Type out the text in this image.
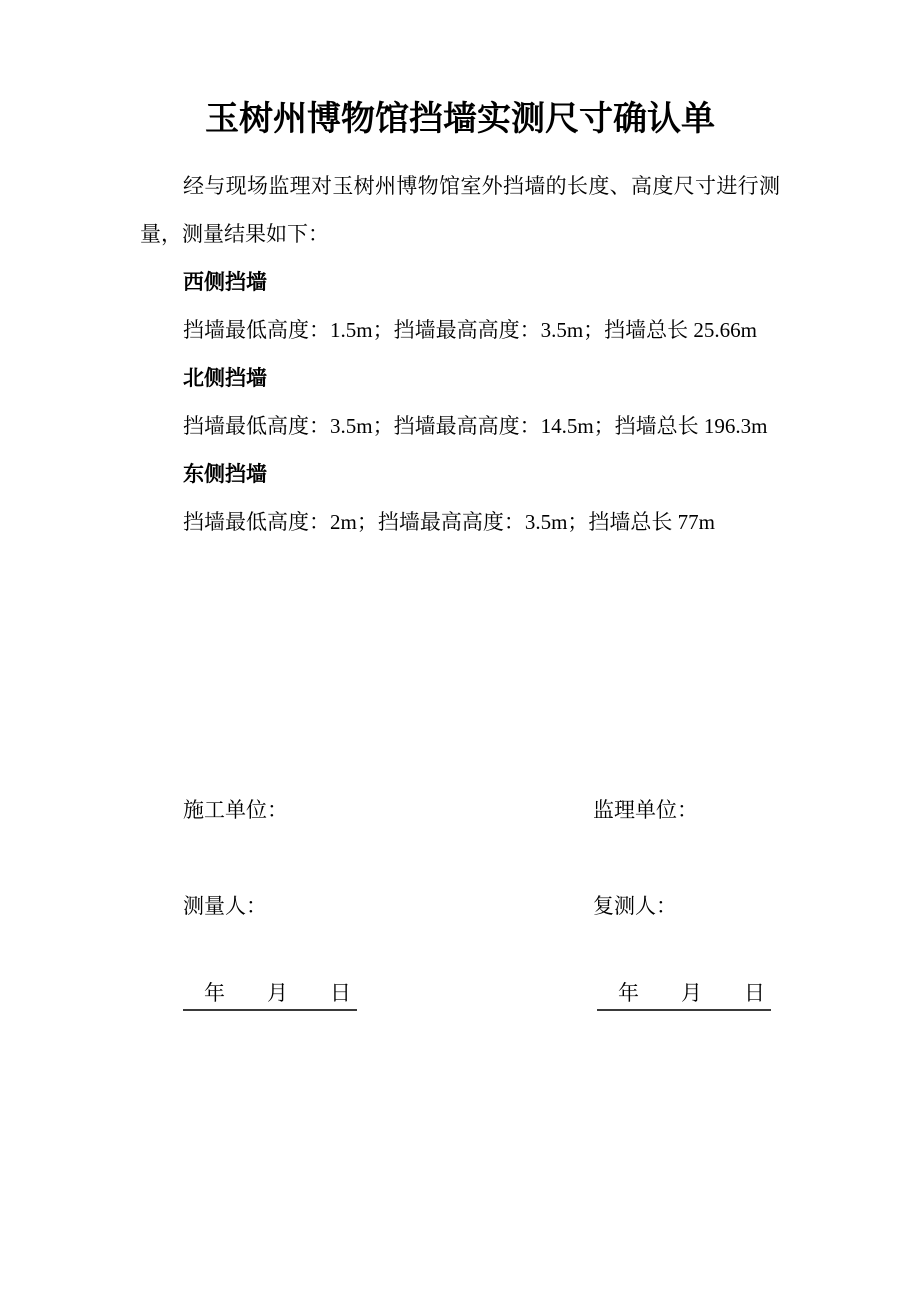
玉树州博物馆挡墙实测尺寸确认单

经与现场监理对玉树州博物馆室外挡墙的长度、高度尺寸进行测量，测量结果如下：

西侧挡墙

挡墙最低高度：1.5m；挡墙最高高度：3.5m；挡墙总长 25.66m

北侧挡墙

挡墙最低高度：3.5m；挡墙最高高度：14.5m；挡墙总长 196.3m

东侧挡墙

挡墙最低高度：2m；挡墙最高高度：3.5m；挡墙总长 77m

施工单位：	监理单位：
测量人：	复测人：
　年　　月　　日	　年　　月　　日
